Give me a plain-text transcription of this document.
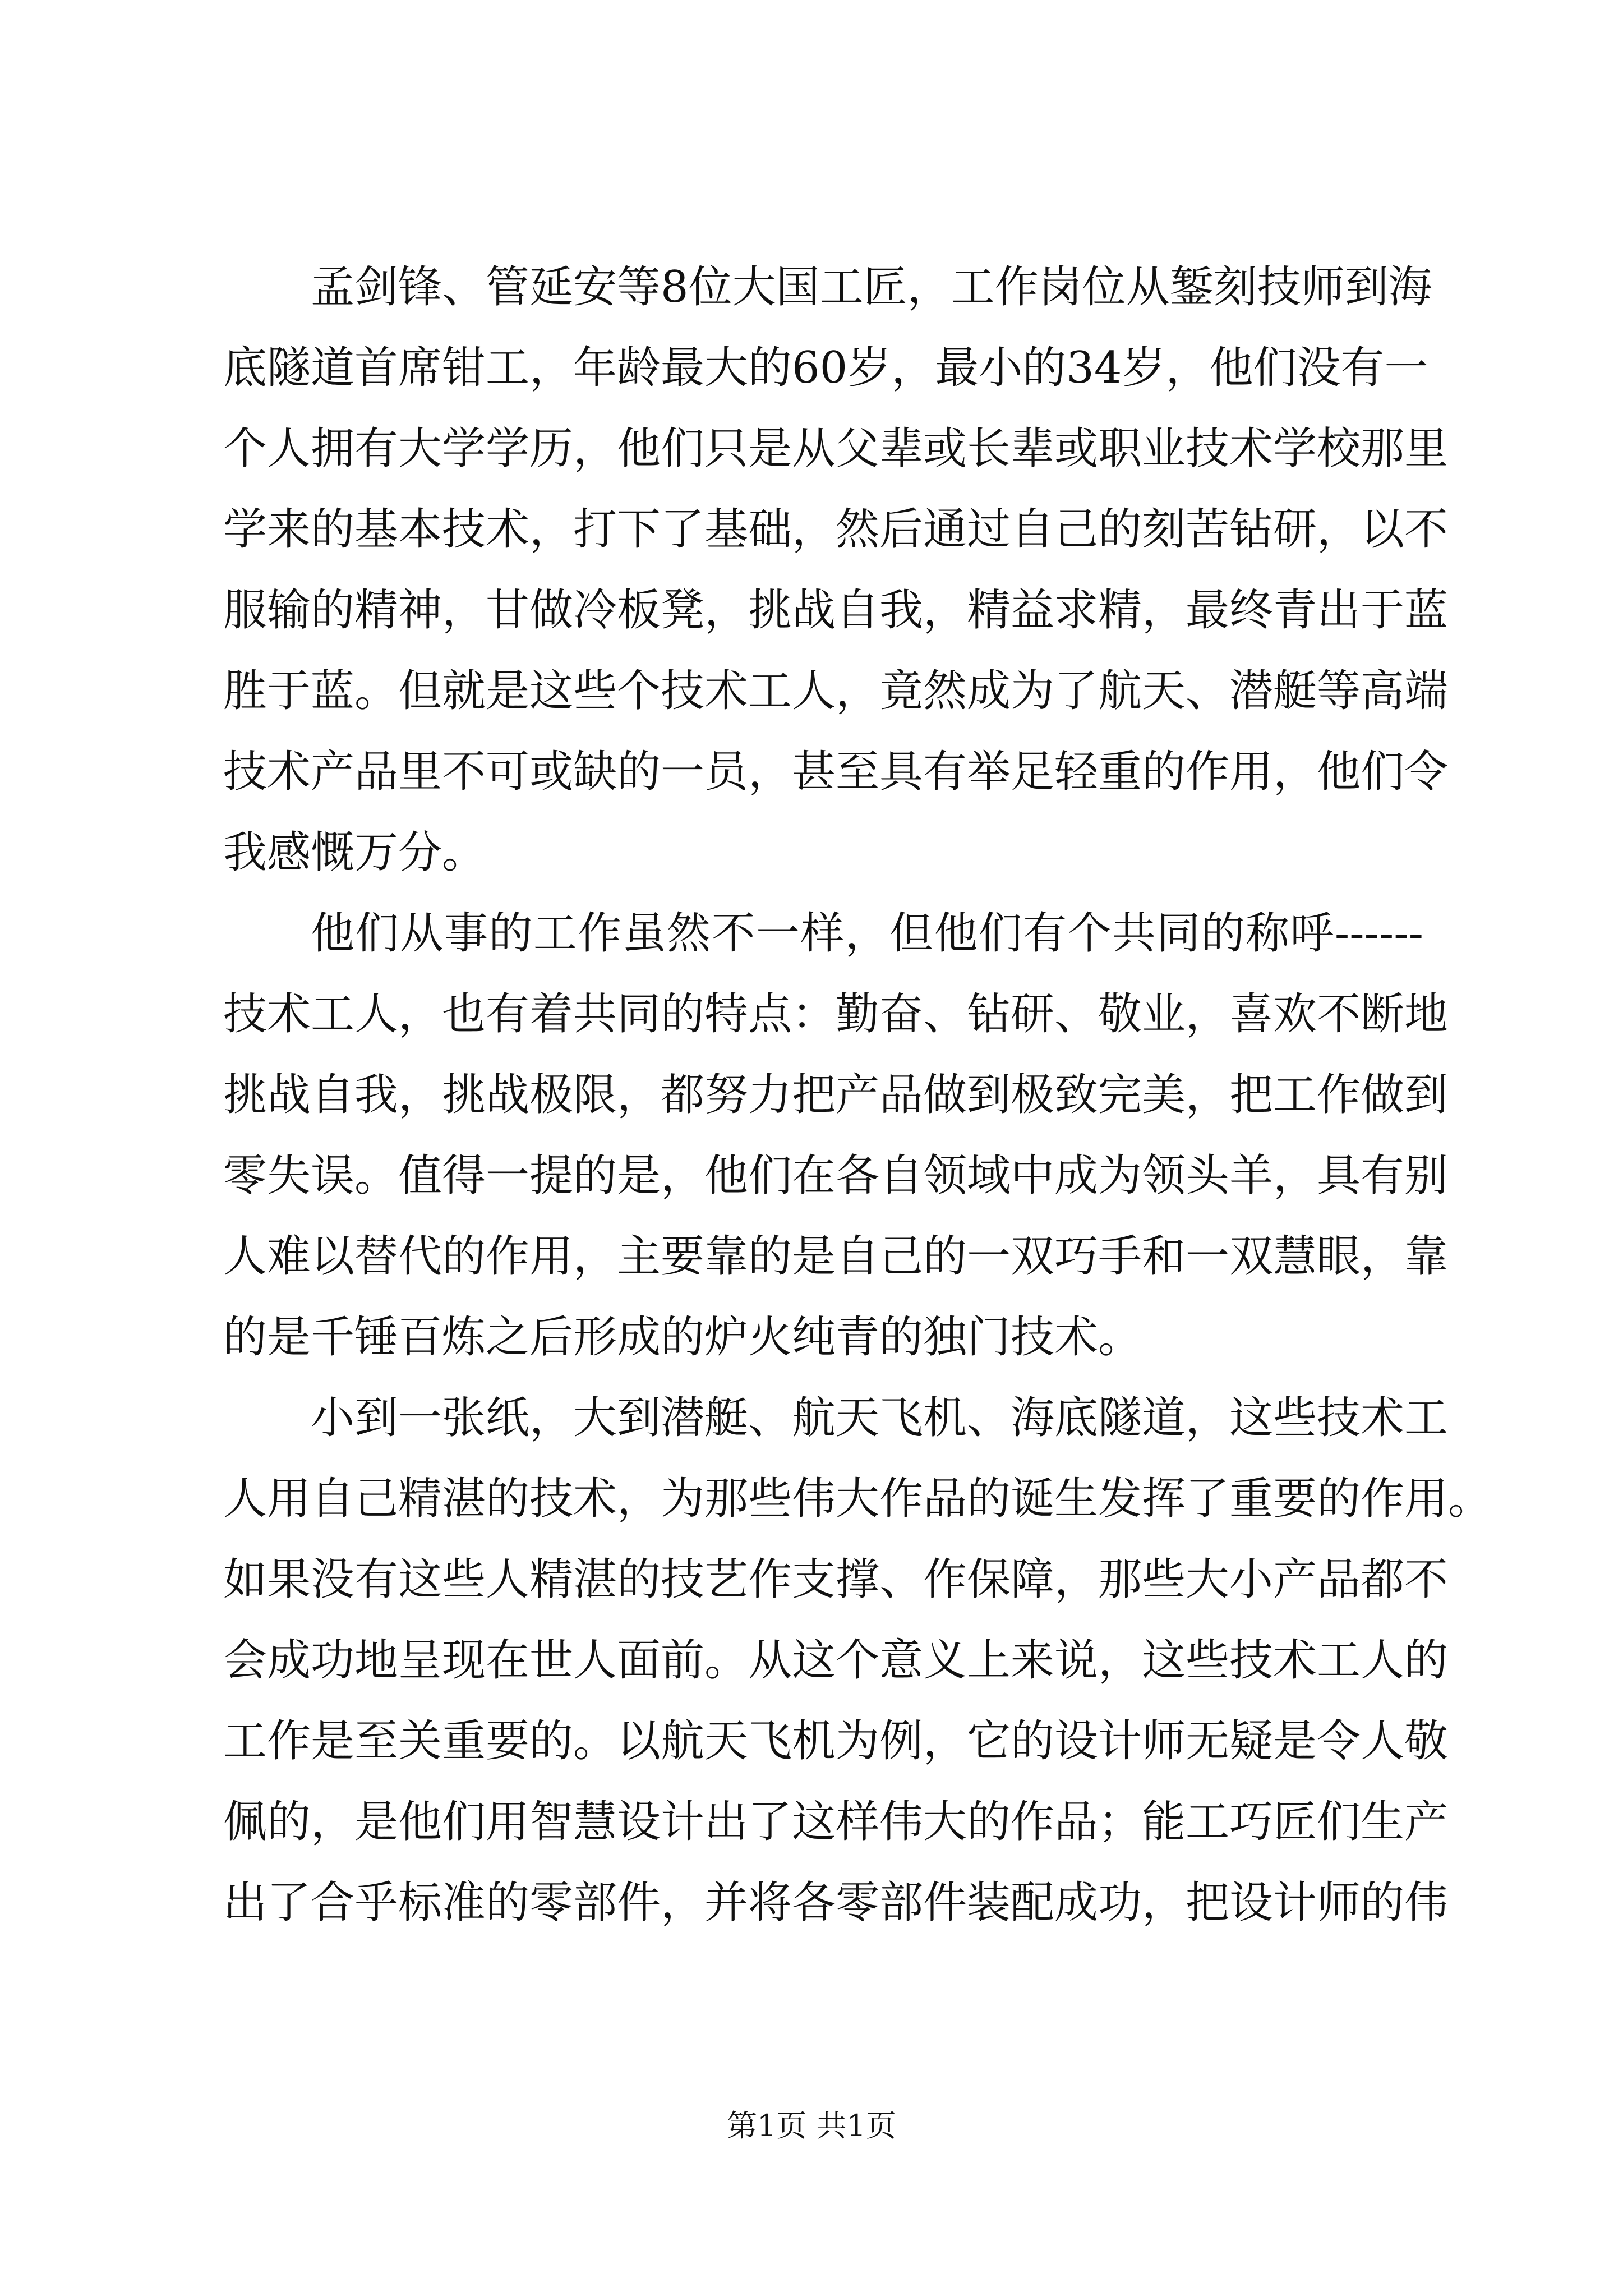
孟剑锋、管延安等8位大国工匠，工作岗位从錾刻技师到海
底隧道首席钳工，年龄最大的60岁，最小的34岁，他们没有一
个人拥有大学学历，他们只是从父辈或长辈或职业技术学校那里
学来的基本技术，打下了基础，然后通过自己的刻苦钻研，以不
服输的精神，甘做冷板凳，挑战自我，精益求精，最终青出于蓝
胜于蓝。但就是这些个技术工人，竟然成为了航天、潜艇等高端
技术产品里不可或缺的一员，甚至具有举足轻重的作用，他们令
我感慨万分。
他们从事的工作虽然不一样，但他们有个共同的称呼------
技术工人，也有着共同的特点：勤奋、钻研、敬业，喜欢不断地
挑战自我，挑战极限，都努力把产品做到极致完美，把工作做到
零失误。值得一提的是，他们在各自领域中成为领头羊，具有别
人难以替代的作用，主要靠的是自己的一双巧手和一双慧眼，靠
的是千锤百炼之后形成的炉火纯青的独门技术。
小到一张纸，大到潜艇、航天飞机、海底隧道，这些技术工
人用自己精湛的技术，为那些伟大作品的诞生发挥了重要的作用。
如果没有这些人精湛的技艺作支撑、作保障，那些大小产品都不
会成功地呈现在世人面前。从这个意义上来说，这些技术工人的
工作是至关重要的。以航天飞机为例，它的设计师无疑是令人敬
佩的，是他们用智慧设计出了这样伟大的作品；能工巧匠们生产
出了合乎标准的零部件，并将各零部件装配成功，把设计师的伟
第1页 共1页
